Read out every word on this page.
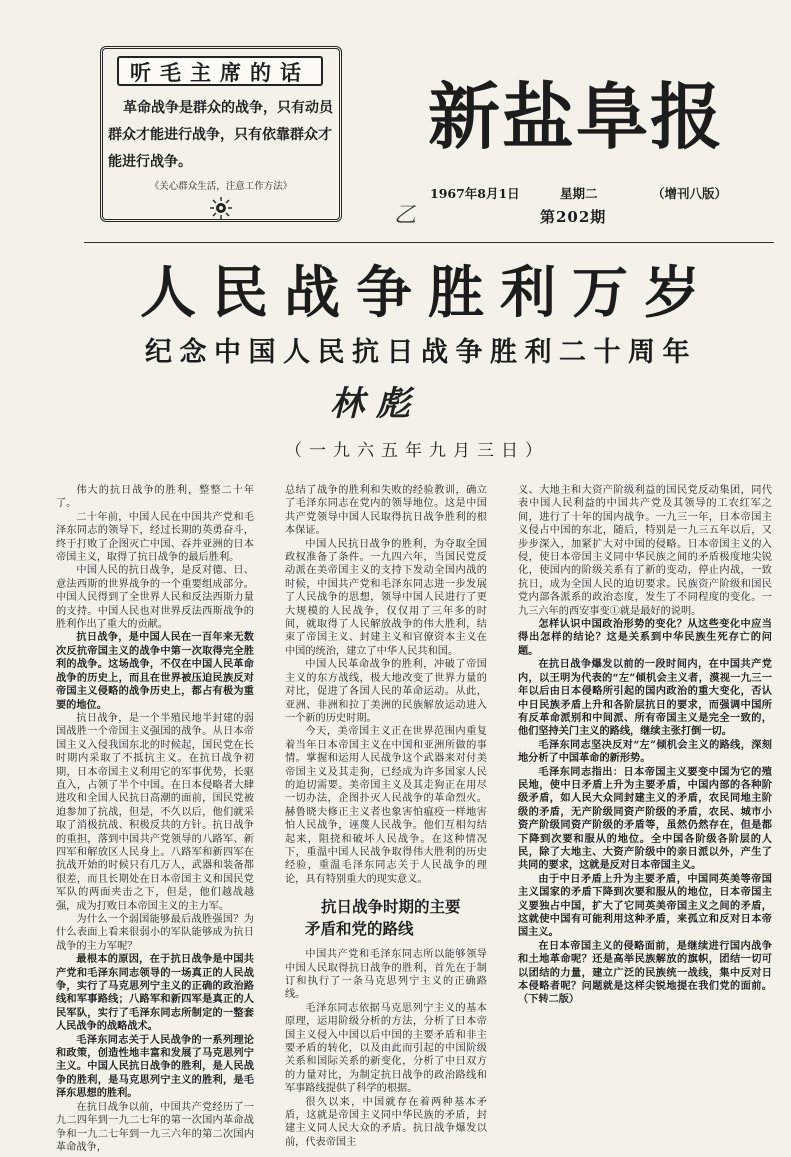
听毛主席的话
革命战争是群众的战争，只有动员群众才能进行战争，只有依靠群众才能进行战争。
《关心群众生活，注意工作方法》
新盐阜报
1967年8月1日	星期二	（增刊八版）
乙	第202期
人民战争胜利万岁
纪念中国人民抗日战争胜利二十周年
林彪
（一九六五年九月三日）

伟大的抗日战争的胜利，整整二十年了。

二十年前，中国人民在中国共产党和毛泽东同志的领导下，经过长期的英勇奋斗，终于打败了企图灭亡中国、吞并亚洲的日本帝国主义，取得了抗日战争的最后胜利。

中国人民的抗日战争，是反对德、日、意法西斯的世界战争的一个重要组成部分。中国人民得到了全世界人民和反法西斯力量的支持。中国人民也对世界反法西斯战争的胜利作出了重大的贡献。

抗日战争，是中国人民在一百年来无数次反抗帝国主义的战争中第一次取得完全胜利的战争。这场战争，不仅在中国人民革命战争的历史上，而且在世界被压迫民族反对帝国主义侵略的战争历史上，都占有极为重要的地位。

抗日战争，是一个半殖民地半封建的弱国战胜一个帝国主义强国的战争。从日本帝国主义入侵我国东北的时候起，国民党在长时期内采取了不抵抗主义。在抗日战争初期，日本帝国主义利用它的军事优势，长驱直入，占领了半个中国。在日本侵略者大肆进攻和全国人民抗日高潮的面前，国民党被迫参加了抗战，但是，不久以后，他们就采取了消极抗战、积极反共的方针。抗日战争的重担，落到中国共产党领导的八路军、新四军和解放区人民身上。八路军和新四军在抗战开始的时候只有几万人，武器和装备都很差，而且长期处在日本帝国主义和国民党军队的两面夹击之下，但是，他们越战越强，成为打败日本帝国主义的主力军。

为什么一个弱国能够最后战胜强国？为什么表面上看来很弱小的军队能够成为抗日战争的主力军呢？

最根本的原因，在于抗日战争是中国共产党和毛泽东同志领导的一场真正的人民战争，实行了马克思列宁主义的正确的政治路线和军事路线；八路军和新四军是真正的人民军队，实行了毛泽东同志所制定的一整套人民战争的战略战术。

毛泽东同志关于人民战争的一系列理论和政策，创造性地丰富和发展了马克思列宁主义。中国人民抗日战争的胜利，是人民战争的胜利，是马克思列宁主义的胜利，是毛泽东思想的胜利。

在抗日战争以前，中国共产党经历了一九二四年到一九二七年的第一次国内革命战争和一九二七年到一九三六年的第二次国内革命战争，

总结了战争的胜利和失败的经验教训，确立了毛泽东同志在党内的领导地位。这是中国共产党领导中国人民取得抗日战争胜利的根本保证。

中国人民抗日战争的胜利，为夺取全国政权准备了条件。一九四六年，当国民党反动派在美帝国主义的支持下发动全国内战的时候，中国共产党和毛泽东同志进一步发展了人民战争的思想，领导中国人民进行了更大规模的人民战争，仅仅用了三年多的时间，就取得了人民解放战争的伟大胜利，结束了帝国主义、封建主义和官僚资本主义在中国的统治，建立了中华人民共和国。

中国人民革命战争的胜利，冲破了帝国主义的东方战线，极大地改变了世界力量的对比，促进了各国人民的革命运动。从此，亚洲、非洲和拉丁美洲的民族解放运动进入一个新的历史时期。

今天，美帝国主义正在世界范围内重复着当年日本帝国主义在中国和亚洲所做的事情。掌握和运用人民战争这个武器来对付美帝国主义及其走狗，已经成为许多国家人民的迫切需要。美帝国主义及其走狗正在用尽一切办法，企图扑灭人民战争的革命烈火。赫鲁晓夫修正主义者也象害怕瘟疫一样地害怕人民战争，诬蔑人民战争。他们互相勾结起来，阻挠和破坏人民战争。在这种情况下，重温中国人民战争取得伟大胜利的历史经验，重温毛泽东同志关于人民战争的理论，具有特别重大的现实意义。

抗日战争时期的主要矛盾和党的路线

中国共产党和毛泽东同志所以能够领导中国人民取得抗日战争的胜利，首先在于制订和执行了一条马克思列宁主义的正确路线。

毛泽东同志依据马克思列宁主义的基本原理，运用阶级分析的方法，分析了日本帝国主义侵入中国以后中国的主要矛盾和非主要矛盾的转化，以及由此而引起的中国阶级关系和国际关系的新变化，分析了中日双方的力量对比，为制定抗日战争的政治路线和军事路线提供了科学的根据。

很久以来，中国就存在着两种基本矛盾，这就是帝国主义同中华民族的矛盾，封建主义同人民大众的矛盾。抗日战争爆发以前，代表帝国主

义、大地主和大资产阶级利益的国民党反动集团，同代表中国人民利益的中国共产党及其领导的工农红军之间，进行了十年的国内战争。一九三一年，日本帝国主义侵占中国的东北，随后，特别是一九三五年以后，又步步深入，加紧扩大对中国的侵略。日本帝国主义的入侵，使日本帝国主义同中华民族之间的矛盾极度地尖锐化，使国内的阶级关系有了新的变动，停止内战，一致抗日，成为全国人民的迫切要求。民族资产阶级和国民党内部各派系的政治态度，发生了不同程度的变化。一九三六年的西安事变①就是最好的说明。

怎样认识中国政治形势的变化？从这些变化中应当得出怎样的结论？这是关系到中华民族生死存亡的问题。

在抗日战争爆发以前的一段时间内，在中国共产党内，以王明为代表的“左”倾机会主义者，漠视一九三一年以后由日本侵略所引起的国内政治的重大变化，否认中日民族矛盾上升和各阶层抗日的要求，而强调中国所有反革命派别和中间派、所有帝国主义是完全一致的，他们坚持关门主义的路线，继续主张打倒一切。

毛泽东同志坚决反对“左”倾机会主义的路线，深刻地分析了中国革命的新形势。

毛泽东同志指出：日本帝国主义要变中国为它的殖民地，使中日矛盾上升为主要矛盾，中国内部的各种阶级矛盾，如人民大众同封建主义的矛盾，农民同地主阶级的矛盾，无产阶级同资产阶级的矛盾，农民、城市小资产阶级同资产阶级的矛盾等，虽然仍然存在，但是都下降到次要和服从的地位。全中国各阶级各阶层的人民，除了大地主、大资产阶级中的亲日派以外，产生了共同的要求，这就是反对日本帝国主义。

由于中日矛盾上升为主要矛盾，中国同英美等帝国主义国家的矛盾下降到次要和服从的地位，日本帝国主义要独占中国，扩大了它同英美帝国主义之间的矛盾，这就使中国有可能利用这种矛盾，来孤立和反对日本帝国主义。

在日本帝国主义的侵略面前，是继续进行国内战争和土地革命呢？还是高举民族解放的旗帜，团结一切可以团结的力量，建立广泛的民族统一战线，集中反对日本侵略者呢？问题就是这样尖锐地提在我们党的面前。（下转二版）
